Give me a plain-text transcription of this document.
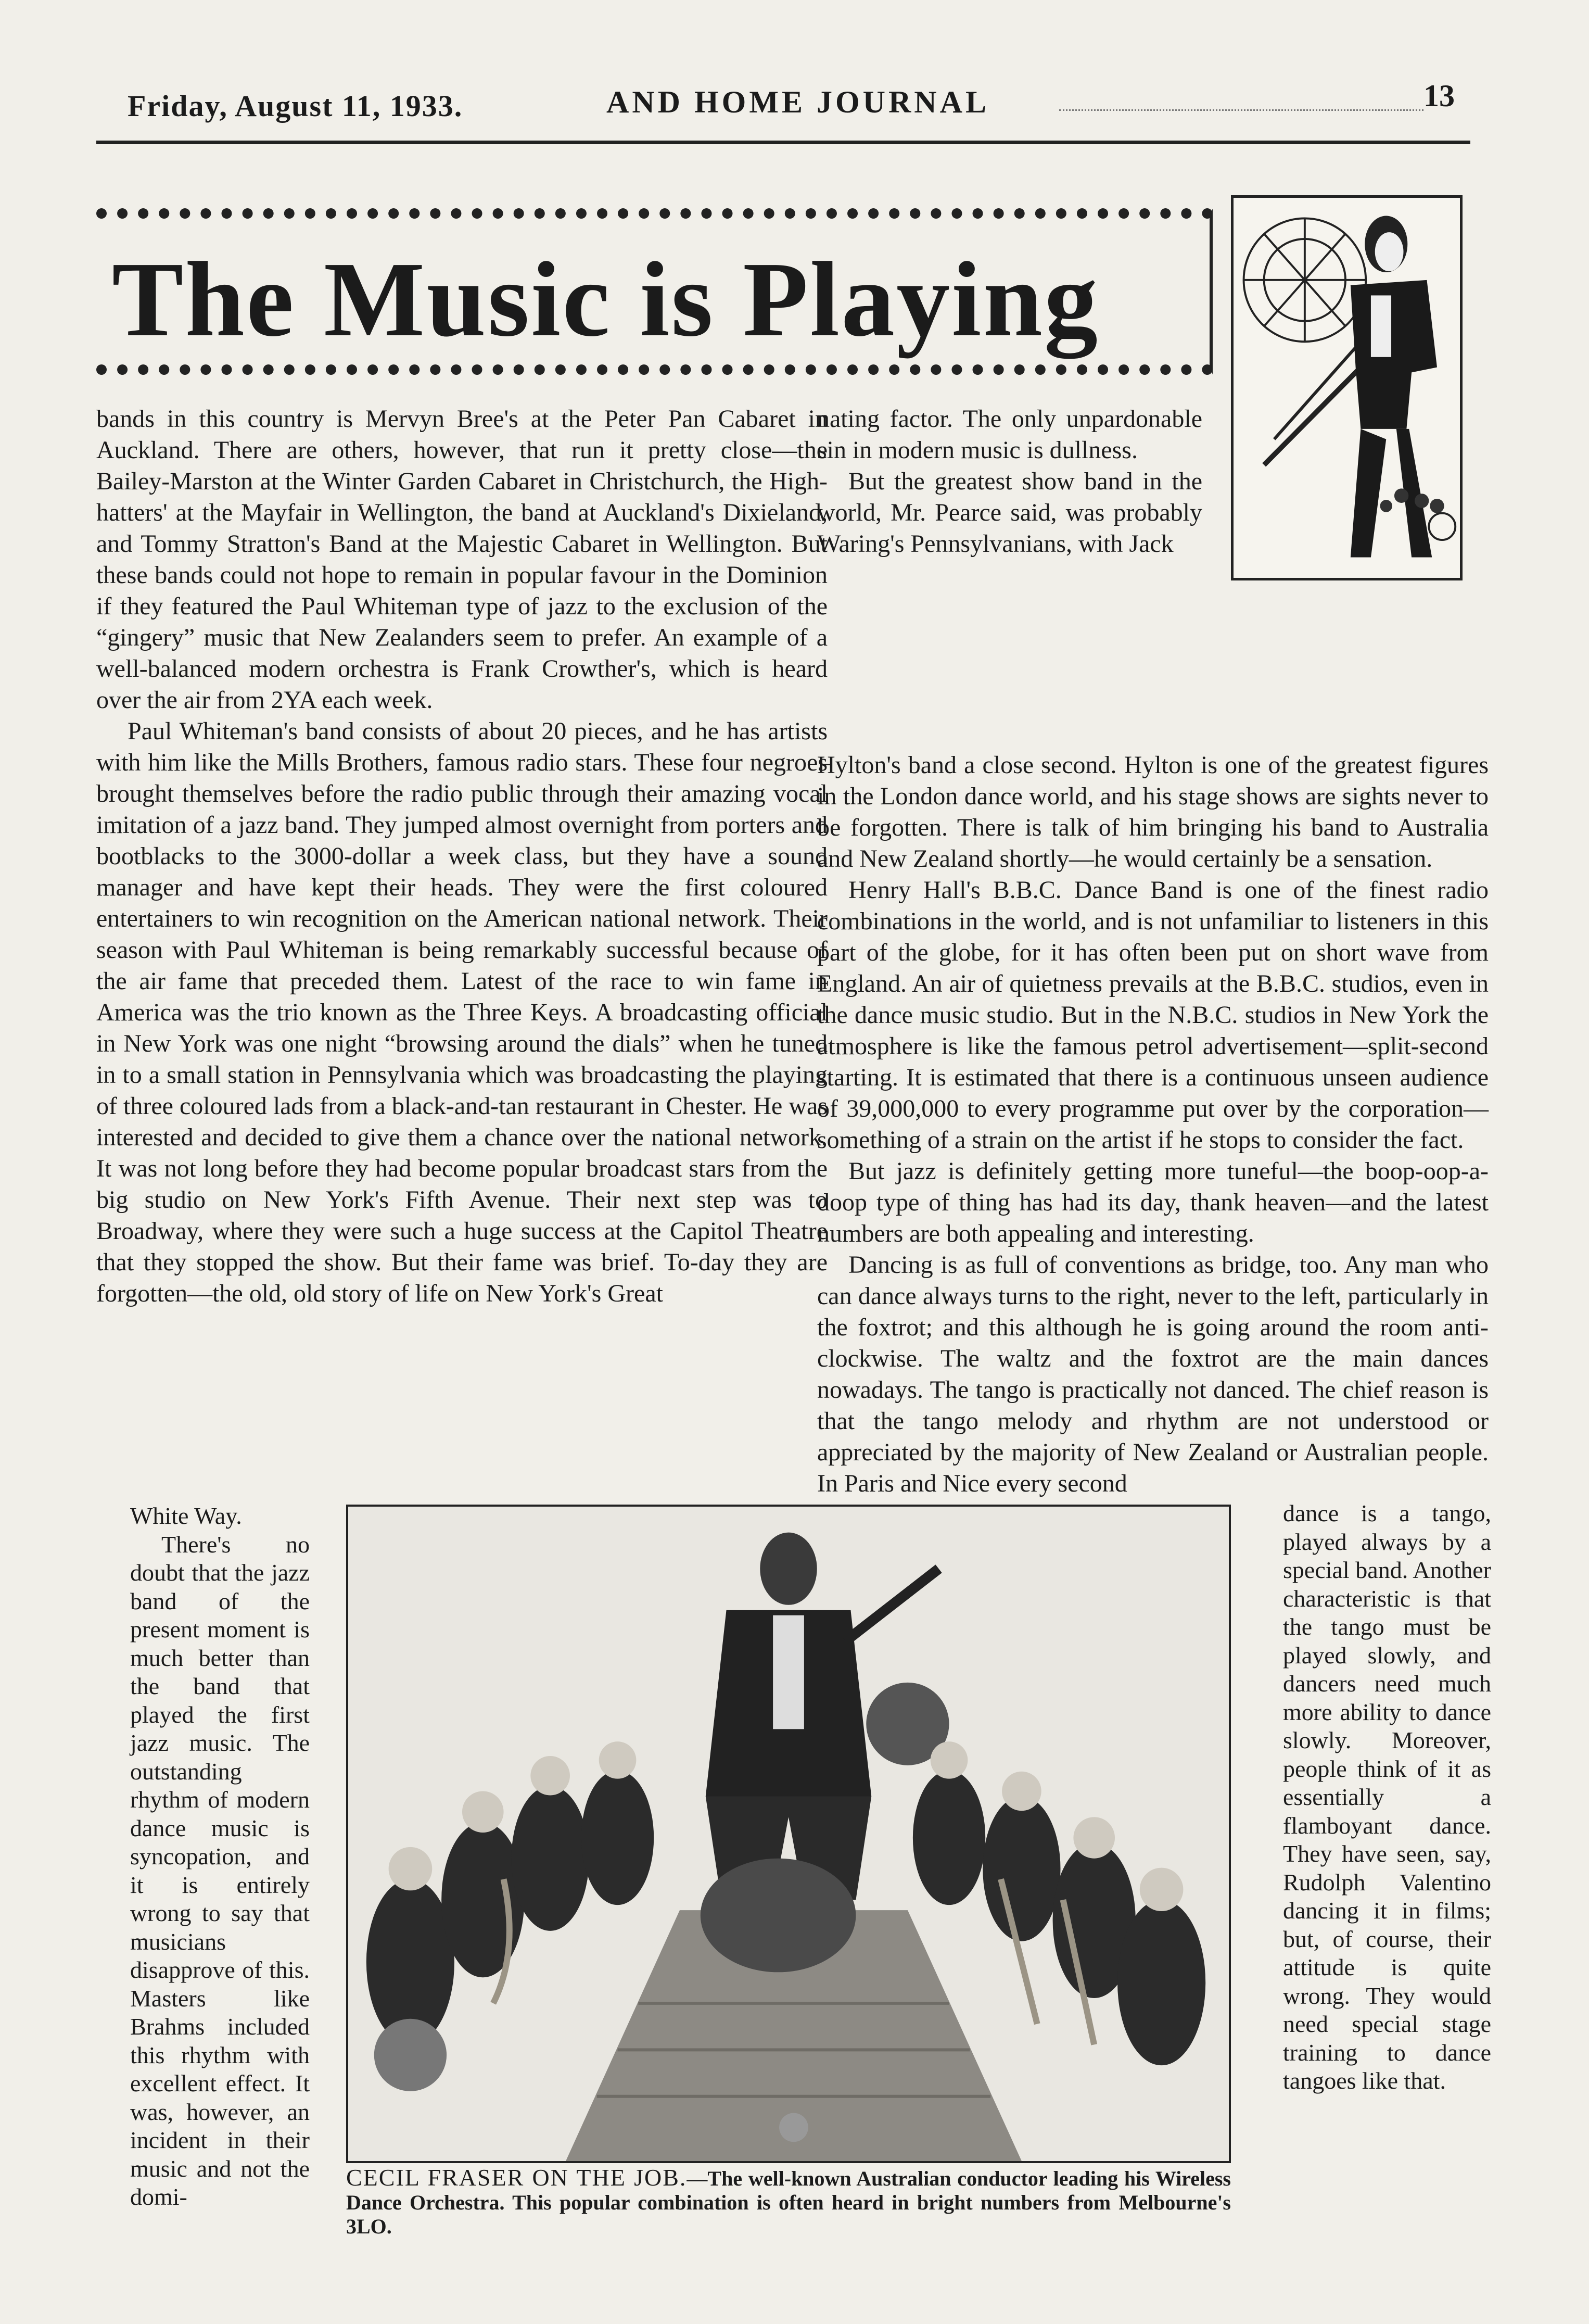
Friday, August 11, 1933.	AND HOME JOURNAL	13
The Music is Playing

bands in this country is Mervyn Bree's at the Peter Pan Cabaret in Auckland. There are others, however, that run it pretty close—the Bailey-Marston at the Winter Garden Cabaret in Christchurch, the High-hatters' at the Mayfair in Wellington, the band at Auckland's Dixieland, and Tommy Stratton's Band at the Majestic Cabaret in Wellington. But these bands could not hope to remain in popular favour in the Dominion if they featured the Paul Whiteman type of jazz to the exclusion of the “gingery” music that New Zealanders seem to prefer. An example of a well-balanced modern orchestra is Frank Crowther's, which is heard over the air from 2YA each week.

Paul Whiteman's band consists of about 20 pieces, and he has artists with him like the Mills Brothers, famous radio stars. These four negroes brought themselves before the radio public through their amazing vocal imitation of a jazz band. They jumped almost overnight from porters and bootblacks to the 3000-dollar a week class, but they have a sound manager and have kept their heads. They were the first coloured entertainers to win recognition on the American national network. Their season with Paul Whiteman is being remarkably successful because of the air fame that preceded them. Latest of the race to win fame in America was the trio known as the Three Keys. A broadcasting official in New York was one night “browsing around the dials” when he tuned in to a small station in Pennsylvania which was broadcasting the playing of three coloured lads from a black-and-tan restaurant in Chester. He was interested and decided to give them a chance over the national network. It was not long before they had become popular broadcast stars from the big studio on New York's Fifth Avenue. Their next step was to Broadway, where they were such a huge success at the Capitol Theatre that they stopped the show. But their fame was brief. To-day they are forgotten—the old, old story of life on New York's Great

White Way.

There's no doubt that the jazz band of the present moment is much better than the band that played the first jazz music. The outstanding rhythm of modern dance music is syncopation, and it is entirely wrong to say that musicians disapprove of this. Masters like Brahms included this rhythm with excellent effect. It was, however, an incident in their music and not the domi-

nating factor. The only unpardonable sin in modern music is dullness.

But the greatest show band in the world, Mr. Pearce said, was probably Waring's Pennsylvanians, with Jack

Hylton's band a close second. Hylton is one of the greatest figures in the London dance world, and his stage shows are sights never to be forgotten. There is talk of him bringing his band to Australia and New Zealand shortly—he would certainly be a sensation.

Henry Hall's B.B.C. Dance Band is one of the finest radio combinations in the world, and is not unfamiliar to listeners in this part of the globe, for it has often been put on short wave from England. An air of quietness prevails at the B.B.C. studios, even in the dance music studio. But in the N.B.C. studios in New York the atmosphere is like the famous petrol advertisement—split-second starting. It is estimated that there is a continuous unseen audience of 39,000,000 to every programme put over by the corporation—something of a strain on the artist if he stops to consider the fact.

But jazz is definitely getting more tuneful—the boop-oop-a-doop type of thing has had its day, thank heaven—and the latest numbers are both appealing and interesting.

Dancing is as full of conventions as bridge, too. Any man who can dance always turns to the right, never to the left, particularly in the foxtrot; and this although he is going around the room anti-clockwise. The waltz and the foxtrot are the main dances nowadays. The tango is practically not danced. The chief reason is that the tango melody and rhythm are not understood or appreciated by the majority of New Zealand or Australian people. In Paris and Nice every second

dance is a tango, played always by a special band. Another characteristic is that the tango must be played slowly, and dancers need much more ability to dance slowly. Moreover, people think of it as essentially a flamboyant dance. They have seen, say, Rudolph Valentino dancing it in films; but, of course, their attitude is quite wrong. They would need special stage training to dance tangoes like that.

CECIL FRASER ON THE JOB.—The well-known Australian conductor leading his Wireless Dance Orchestra. This popular combination is often heard in bright numbers from Melbourne's 3LO.
